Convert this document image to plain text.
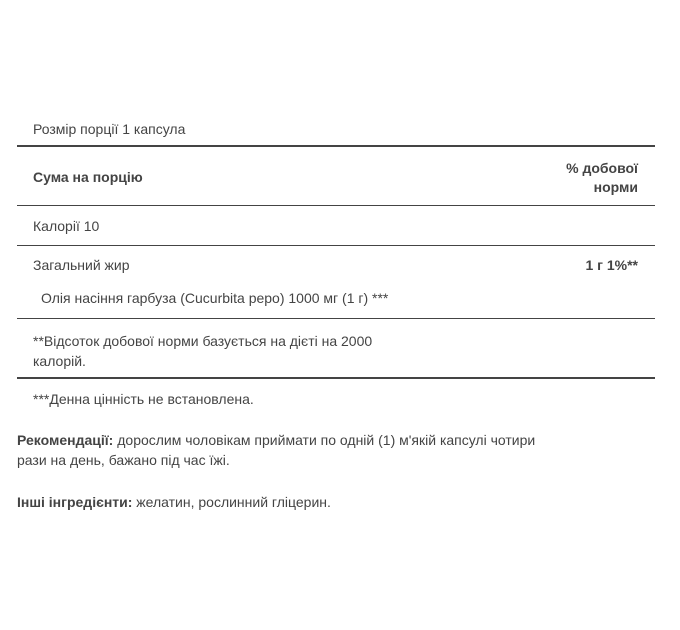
Розмір порції 1 капсула
Сума на порцію
% добової
норми
Калорії 10
Загальний жир	1 г 1%**
Олія насіння гарбуза (Cucurbita pepo) 1000 мг (1 г) ***
**Відсоток добової норми базується на дієті на 2000
калорій.
***Денна цінність не встановлена.
Рекомендації: дорослим чоловікам приймати по одній (1) м'якій капсулі чотири
рази на день, бажано під час їжі.
Інші інгредієнти: желатин, рослинний гліцерин.
